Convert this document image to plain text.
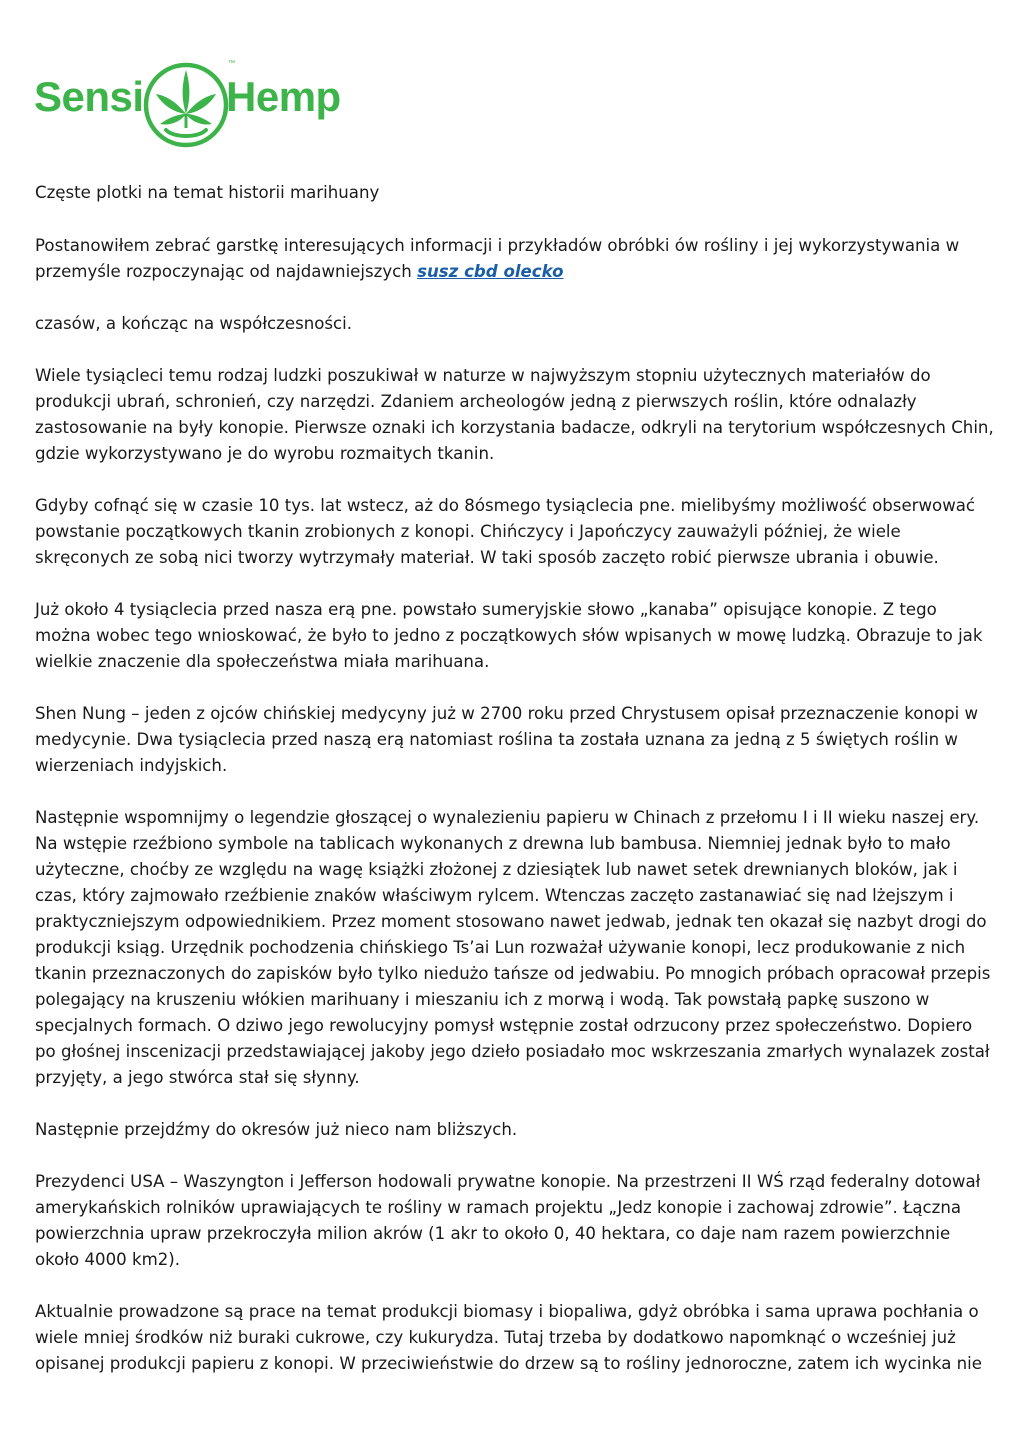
Sensi
™
Hemp

Częste plotki na temat historii marihuany

Postanowiłem zebrać garstkę interesujących informacji i przykładów obróbki ów rośliny i jej wykorzystywania w przemyśle rozpoczynając od najdawniejszych susz cbd olecko

czasów, a kończąc na współczesności.

Wiele tysiącleci temu rodzaj ludzki poszukiwał w naturze w najwyższym stopniu użytecznych materiałów do produkcji ubrań, schronień, czy narzędzi. Zdaniem archeologów jedną z pierwszych roślin, które odnalazły zastosowanie na były konopie. Pierwsze oznaki ich korzystania badacze, odkryli na terytorium współczesnych Chin, gdzie wykorzystywano je do wyrobu rozmaitych tkanin.

Gdyby cofnąć się w czasie 10 tys. lat wstecz, aż do 8ósmego tysiąclecia pne. mielibyśmy możliwość obserwować powstanie początkowych tkanin zrobionych z konopi. Chińczycy i Japończycy zauważyli później, że wiele skręconych ze sobą nici tworzy wytrzymały materiał. W taki sposób zaczęto robić pierwsze ubrania i obuwie.

Już około 4 tysiąclecia przed nasza erą pne. powstało sumeryjskie słowo „kanaba” opisujące konopie. Z tego można wobec tego wnioskować, że było to jedno z początkowych słów wpisanych w mowę ludzką. Obrazuje to jak wielkie znaczenie dla społeczeństwa miała marihuana.

Shen Nung – jeden z ojców chińskiej medycyny już w 2700 roku przed Chrystusem opisał przeznaczenie konopi w medycynie. Dwa tysiąclecia przed naszą erą natomiast roślina ta została uznana za jedną z 5 świętych roślin w wierzeniach indyjskich.

Następnie wspomnijmy o legendzie głoszącej o wynalezieniu papieru w Chinach z przełomu I i II wieku naszej ery. Na wstępie rzeźbiono symbole na tablicach wykonanych z drewna lub bambusa. Niemniej jednak było to mało użyteczne, choćby ze względu na wagę książki złożonej z dziesiątek lub nawet setek drewnianych bloków, jak i czas, który zajmowało rzeźbienie znaków właściwym rylcem. Wtenczas zaczęto zastanawiać się nad lżejszym i praktyczniejszym odpowiednikiem. Przez moment stosowano nawet jedwab, jednak ten okazał się nazbyt drogi do produkcji ksiąg. Urzędnik pochodzenia chińskiego Ts’ai Lun rozważał używanie konopi, lecz produkowanie z nich tkanin przeznaczonych do zapisków było tylko niedużo tańsze od jedwabiu. Po mnogich próbach opracował przepis polegający na kruszeniu włókien marihuany i mieszaniu ich z morwą i wodą. Tak powstałą papkę suszono w specjalnych formach. O dziwo jego rewolucyjny pomysł wstępnie został odrzucony przez społeczeństwo. Dopiero po głośnej inscenizacji przedstawiającej jakoby jego dzieło posiadało moc wskrzeszania zmarłych wynalazek został przyjęty, a jego stwórca stał się słynny.

Następnie przejdźmy do okresów już nieco nam bliższych.

Prezydenci USA – Waszyngton i Jefferson hodowali prywatne konopie. Na przestrzeni II WŚ rząd federalny dotował amerykańskich rolników uprawiających te rośliny w ramach projektu „Jedz konopie i zachowaj zdrowie”. Łączna powierzchnia upraw przekroczyła milion akrów (1 akr to około 0, 40 hektara, co daje nam razem powierzchnie około 4000 km2).

Aktualnie prowadzone są prace na temat produkcji biomasy i biopaliwa, gdyż obróbka i sama uprawa pochłania o wiele mniej środków niż buraki cukrowe, czy kukurydza. Tutaj trzeba by dodatkowo napomknąć o wcześniej już opisanej produkcji papieru z konopi. W przeciwieństwie do drzew są to rośliny jednoroczne, zatem ich wycinka nie
